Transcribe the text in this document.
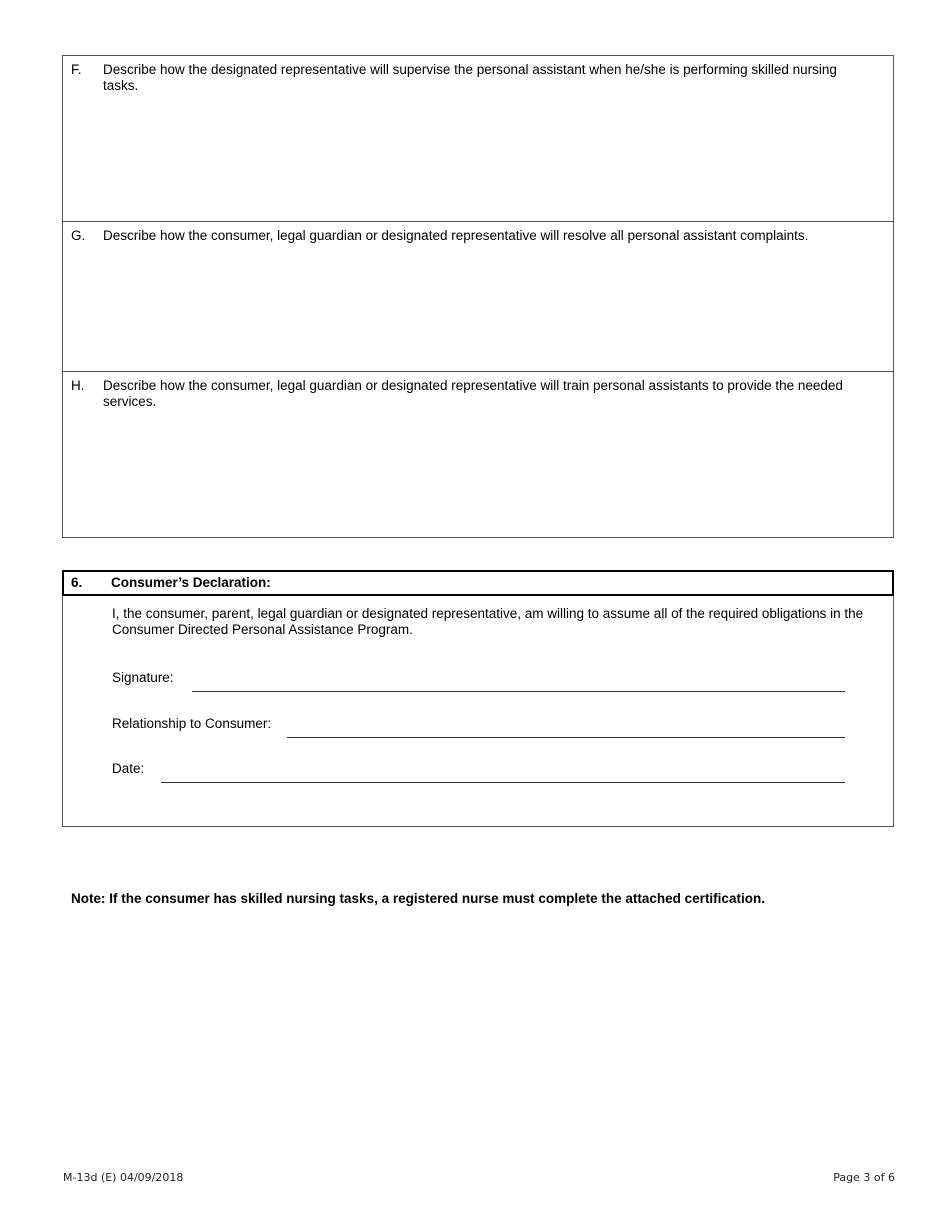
F. Describe how the designated representative will supervise the personal assistant when he/she is performing skilled nursing tasks.
G. Describe how the consumer, legal guardian or designated representative will resolve all personal assistant complaints.
H. Describe how the consumer, legal guardian or designated representative will train personal assistants to provide the needed services.
6. Consumer’s Declaration:
I, the consumer, parent, legal guardian or designated representative, am willing to assume all of the required obligations in the Consumer Directed Personal Assistance Program.
Signature:
Relationship to Consumer:
Date:
Note: If the consumer has skilled nursing tasks, a registered nurse must complete the attached certification.
M-13d (E) 04/09/2018	Page 3 of 6
